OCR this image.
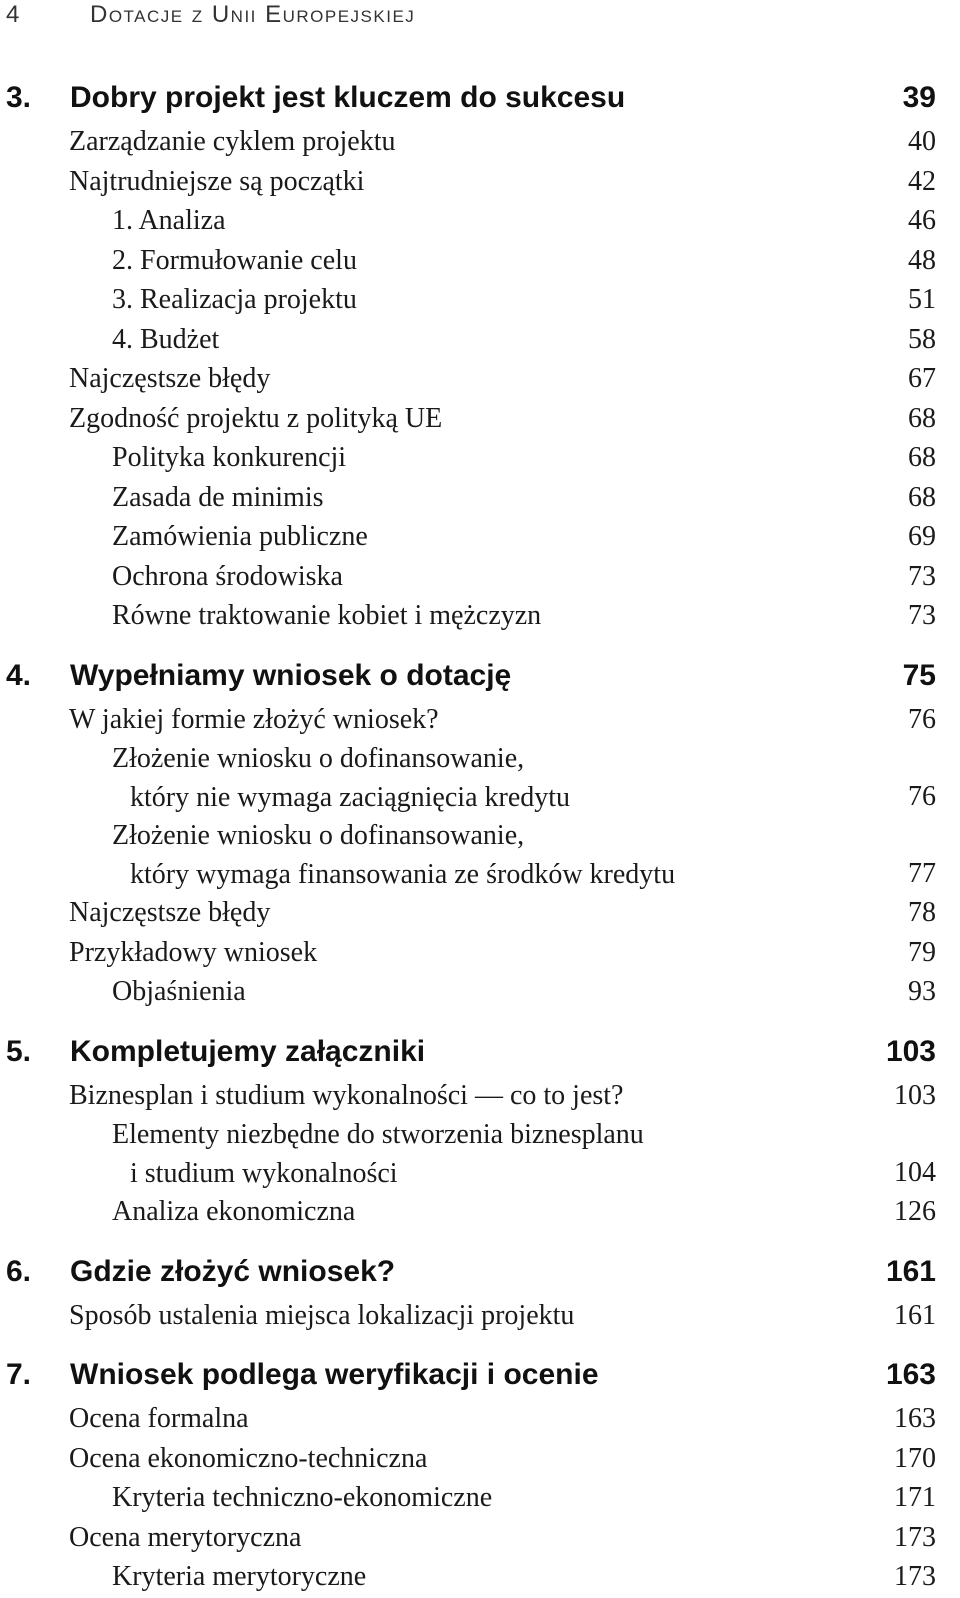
4	Dotacje z Unii Europejskiej
3. Dobry projekt jest kluczem do sukcesu	39
Zarządzanie cyklem projektu	40
Najtrudniejsze są początki	42
1. Analiza	46
2. Formułowanie celu	48
3. Realizacja projektu	51
4. Budżet	58
Najczęstsze błędy	67
Zgodność projektu z polityką UE	68
Polityka konkurencji	68
Zasada de minimis	68
Zamówienia publiczne	69
Ochrona środowiska	73
Równe traktowanie kobiet i mężczyzn	73
4. Wypełniamy wniosek o dotację	75
W jakiej formie złożyć wniosek?	76
Złożenie wniosku o dofinansowanie,
który nie wymaga zaciągnięcia kredytu	76
Złożenie wniosku o dofinansowanie,
który wymaga finansowania ze środków kredytu	77
Najczęstsze błędy	78
Przykładowy wniosek	79
Objaśnienia	93
5. Kompletujemy załączniki	103
Biznesplan i studium wykonalności — co to jest?	103
Elementy niezbędne do stworzenia biznesplanu
i studium wykonalności	104
Analiza ekonomiczna	126
6. Gdzie złożyć wniosek?	161
Sposób ustalenia miejsca lokalizacji projektu	161
7. Wniosek podlega weryfikacji i ocenie	163
Ocena formalna	163
Ocena ekonomiczno-techniczna	170
Kryteria techniczno-ekonomiczne	171
Ocena merytoryczna	173
Kryteria merytoryczne	173
